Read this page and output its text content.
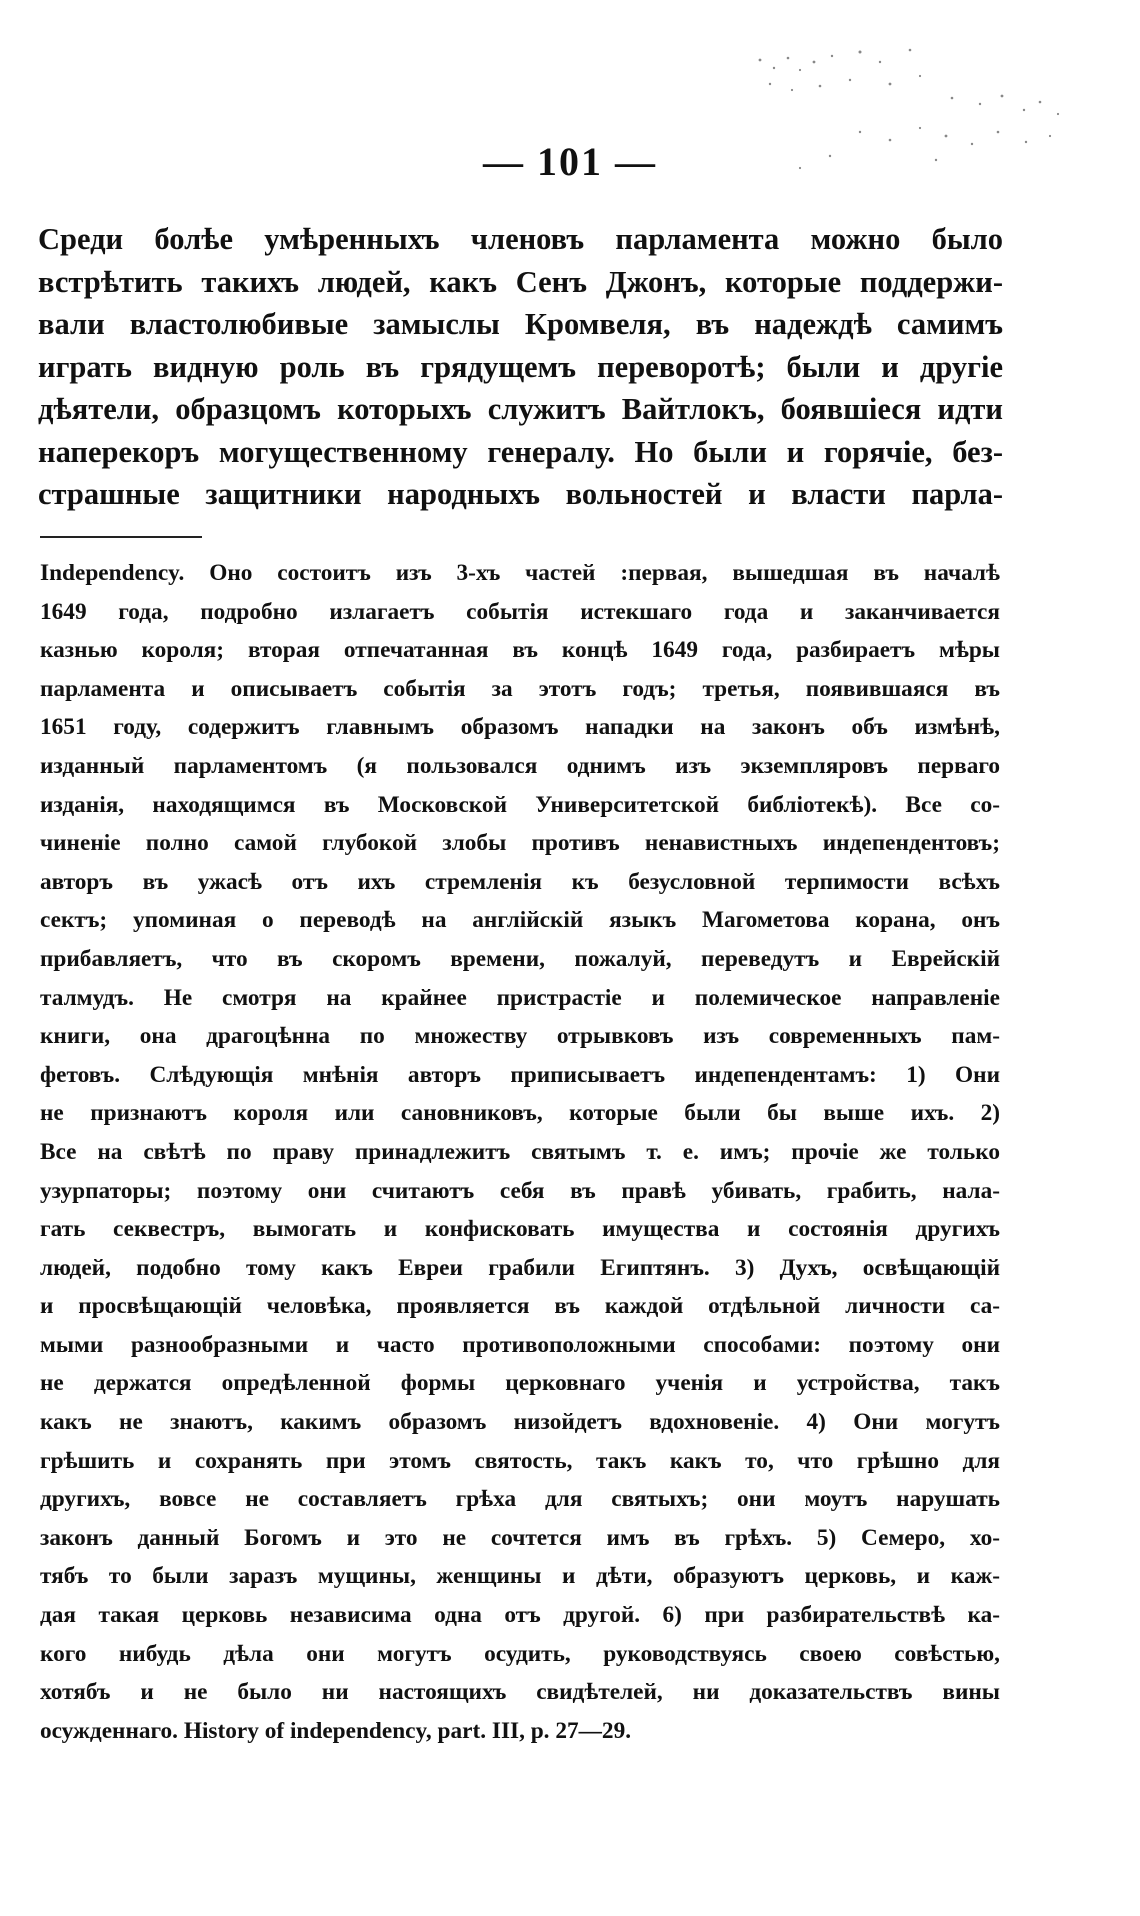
— 101 —
Среди болѣе умѣренныхъ членовъ парламента можно было
встрѣтить такихъ людей, какъ Сенъ Джонъ, которые поддержи-
вали властолюбивые замыслы Кромвеля, въ надеждѣ самимъ
играть видную роль въ грядущемъ переворотѣ; были и другіе
дѣятели, образцомъ которыхъ служитъ Вайтлокъ, боявшіеся идти
наперекоръ могущественному генералу. Но были и горячіе, без-
страшные защитники народныхъ вольностей и власти парла-
Independency. Оно состоитъ изъ 3-хъ частей :первая, вышедшая въ началѣ
1649 года, подробно излагаетъ событія истекшаго года и заканчивается
казнью короля; вторая отпечатанная въ концѣ 1649 года, разбираетъ мѣры
парламента и описываетъ событія за этотъ годъ; третья, появившаяся въ
1651 году, содержитъ главнымъ образомъ нападки на законъ объ измѣнѣ,
изданный парламентомъ (я пользовался однимъ изъ экземпляровъ перваго
изданія, находящимся въ Московской Университетской библіотекѣ). Все со-
чиненіе полно самой глубокой злобы противъ ненавистныхъ индепендентовъ;
авторъ въ ужасѣ отъ ихъ стремленія къ безусловной терпимости всѣхъ
сектъ; упоминая о переводѣ на англійскій языкъ Магометова корана, онъ
прибавляетъ, что въ скоромъ времени, пожалуй, переведутъ и Еврейскій
талмудъ. Не смотря на крайнее пристрастіе и полемическое направленіе
книги, она драгоцѣнна по множеству отрывковъ изъ современныхъ пам-
фетовъ. Слѣдующія мнѣнія авторъ приписываетъ индепендентамъ: 1) Они
не признаютъ короля или сановниковъ, которые были бы выше ихъ. 2)
Все на свѣтѣ по праву принадлежитъ святымъ т. е. имъ; прочіе же только
узурпаторы; поэтому они считаютъ себя въ правѣ убивать, грабить, нала-
гать секвестръ, вымогать и конфисковать имущества и состоянія другихъ
людей, подобно тому какъ Евреи грабили Египтянъ. 3) Духъ, освѣщающій
и просвѣщающій человѣка, проявляется въ каждой отдѣльной личности са-
мыми разнообразными и часто противоположными способами: поэтому они
не держатся опредѣленной формы церковнаго ученія и устройства, такъ
какъ не знаютъ, какимъ образомъ низойдетъ вдохновеніе. 4) Они могутъ
грѣшить и сохранять при этомъ святость, такъ какъ то, что грѣшно для
другихъ, вовсе не составляетъ грѣха для святыхъ; они моутъ нарушать
законъ данный Богомъ и это не сочтется имъ въ грѣхъ. 5) Семеро, хо-
тябъ то были заразъ мущины, женщины и дѣти, образуютъ церковь, и каж-
дая такая церковь независима одна отъ другой. 6) при разбирательствѣ ка-
кого нибудь дѣла они могутъ осудить, руководствуясь своею совѣстью,
хотябъ и не было ни настоящихъ свидѣтелей, ни доказательствъ вины
осужденнаго. History of independency, part. III, p. 27—29.
